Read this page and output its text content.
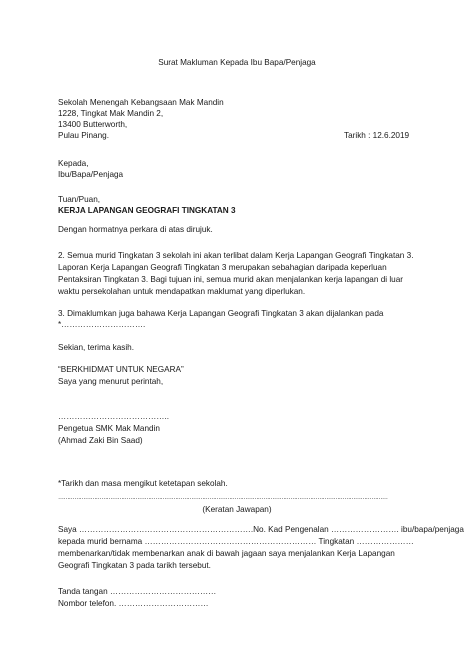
Surat Makluman Kepada Ibu Bapa/Penjaga
Sekolah Menengah Kebangsaan Mak Mandin
1228, Tingkat Mak Mandin 2,
13400 Butterworth,
Pulau Pinang.	Tarikh : 12.6.2019
Kepada,
Ibu/Bapa/Penjaga
Tuan/Puan,
KERJA LAPANGAN GEOGRAFI TINGKATAN 3
Dengan hormatnya perkara di atas dirujuk.
2. Semua murid Tingkatan 3 sekolah ini akan terlibat dalam Kerja Lapangan Geografi Tingkatan 3.
Laporan Kerja Lapangan Geografi Tingkatan 3 merupakan sebahagian daripada keperluan
Pentaksiran Tingkatan 3. Bagi tujuan ini, semua murid akan menjalankan kerja lapangan di luar
waktu persekolahan untuk mendapatkan maklumat yang diperlukan.
3. Dimaklumkan juga bahawa Kerja Lapangan Geografi Tingkatan 3 akan dijalankan pada
*………………………….
Sekian, terima kasih.
“BERKHIDMAT UNTUK NEGARA”
Saya yang menurut perintah,
…………………………………..
Pengetua SMK Mak Mandin
(Ahmad Zaki Bin Saad)
*Tarikh dan masa mengikut ketetapan sekolah.
…………………………………………………………………………………………………………………………………………………………………
(Keratan Jawapan)
Saya ……………………………………………………….No. Kad Pengenalan ……………………. ibu/bapa/penjaga
kepada murid bernama ……………………………………………………… Tingkatan …………………
membenarkan/tidak membenarkan anak di bawah jagaan saya menjalankan Kerja Lapangan
Geografi Tingkatan 3 pada tarikh tersebut.
Tanda tangan …………………………………
Nombor telefon. ……………………………
